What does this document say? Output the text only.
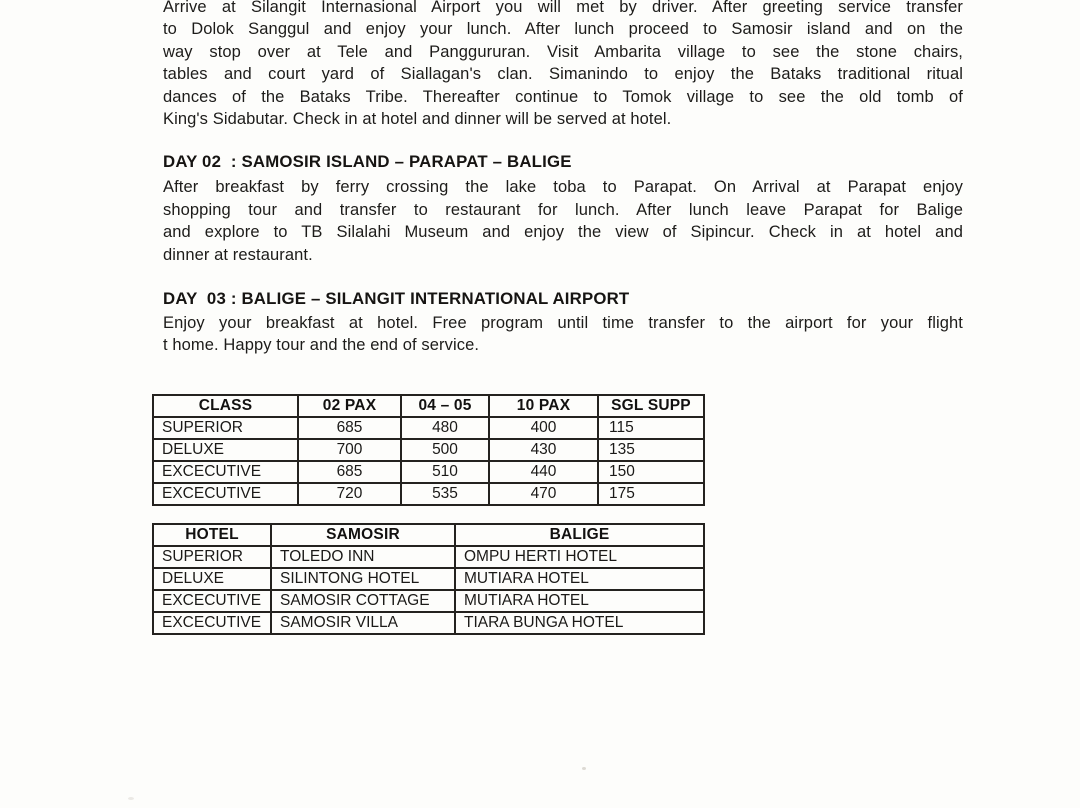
Arrive at Silangit Internasional Airport you will met by driver. After greeting service transfer
to Dolok Sanggul and enjoy your lunch. After lunch proceed to Samosir island and on the
way stop over at Tele and Panggururan. Visit Ambarita village to see the stone chairs,
tables and court yard of Siallagan's clan. Simanindo to enjoy the Bataks traditional ritual
dances of the Bataks Tribe. Thereafter continue to Tomok village to see the old tomb of
King's Sidabutar. Check in at hotel and dinner will be served at hotel.
DAY 02  : SAMOSIR ISLAND – PARAPAT – BALIGE
After breakfast by ferry crossing the lake toba to Parapat. On Arrival at Parapat enjoy
shopping tour and transfer to restaurant for lunch. After lunch leave Parapat for Balige
and explore to TB Silalahi Museum and enjoy the view of Sipincur. Check in at hotel and
dinner at restaurant.
DAY  03 : BALIGE – SILANGIT INTERNATIONAL AIRPORT
Enjoy your breakfast at hotel. Free program until time transfer to the airport for your flight
t home. Happy tour and the end of service.
CLASS	02 PAX	04 – 05	10 PAX	SGL SUPP
SUPERIOR	685	480	400	115
DELUXE	700	500	430	135
EXCECUTIVE	685	510	440	150
EXCECUTIVE	720	535	470	175
HOTEL	SAMOSIR	BALIGE
SUPERIOR	TOLEDO INN	OMPU HERTI HOTEL
DELUXE	SILINTONG HOTEL	MUTIARA HOTEL
EXCECUTIVE	SAMOSIR COTTAGE	MUTIARA HOTEL
EXCECUTIVE	SAMOSIR VILLA	TIARA BUNGA HOTEL
